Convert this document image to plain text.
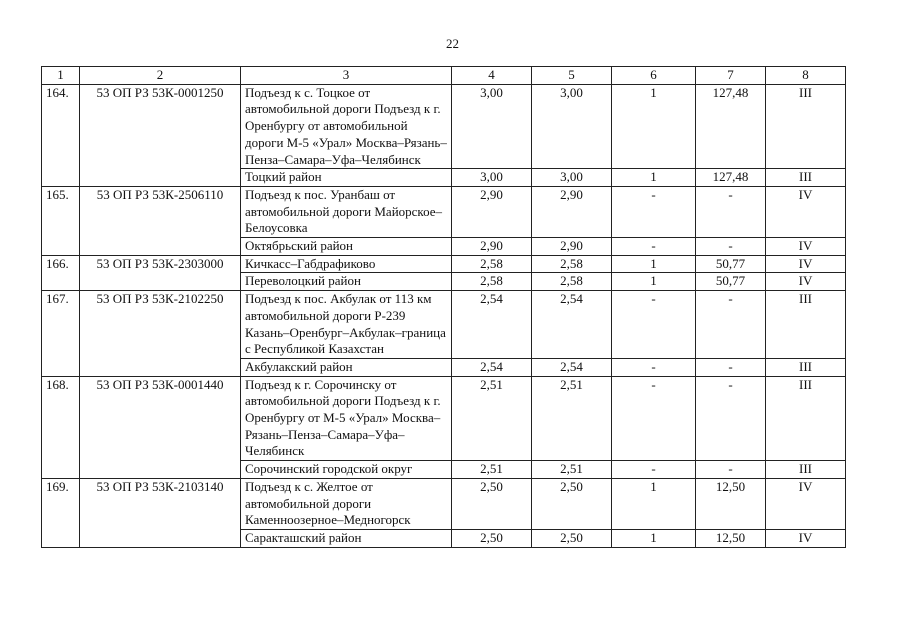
22
1	2	3	4	5	6	7	8
164.	53 ОП РЗ 53К-0001250	Подъезд к с. Тоцкое от автомобильной дороги Подъезд к г. Оренбургу от автомобильной дороги М-5 «Урал» Москва–Рязань–Пенза–Самара–Уфа–Челябинск	3,00	3,00	1	127,48	III
		Тоцкий район	3,00	3,00	1	127,48	III
165.	53 ОП РЗ 53К-2506110	Подъезд к пос. Уранбаш от автомобильной дороги Майорское–Белоусовка	2,90	2,90	-	-	IV
		Октябрьский район	2,90	2,90	-	-	IV
166.	53 ОП РЗ 53К-2303000	Кичкасс–Габдрафиково	2,58	2,58	1	50,77	IV
		Переволоцкий район	2,58	2,58	1	50,77	IV
167.	53 ОП РЗ 53К-2102250	Подъезд к пос. Акбулак от 113 км автомобильной дороги Р-239 Казань–Оренбург–Акбулак–граница с Республикой Казахстан	2,54	2,54	-	-	III
		Акбулакский район	2,54	2,54	-	-	III
168.	53 ОП РЗ 53К-0001440	Подъезд к г. Сорочинску от автомобильной дороги Подъезд к г. Оренбургу от М-5 «Урал» Москва–Рязань–Пенза–Самара–Уфа–Челябинск	2,51	2,51	-	-	III
		Сорочинский городской округ	2,51	2,51	-	-	III
169.	53 ОП РЗ 53К-2103140	Подъезд к с. Желтое от автомобильной дороги Каменноозерное–Медногорск	2,50	2,50	1	12,50	IV
		Саракташский район	2,50	2,50	1	12,50	IV
